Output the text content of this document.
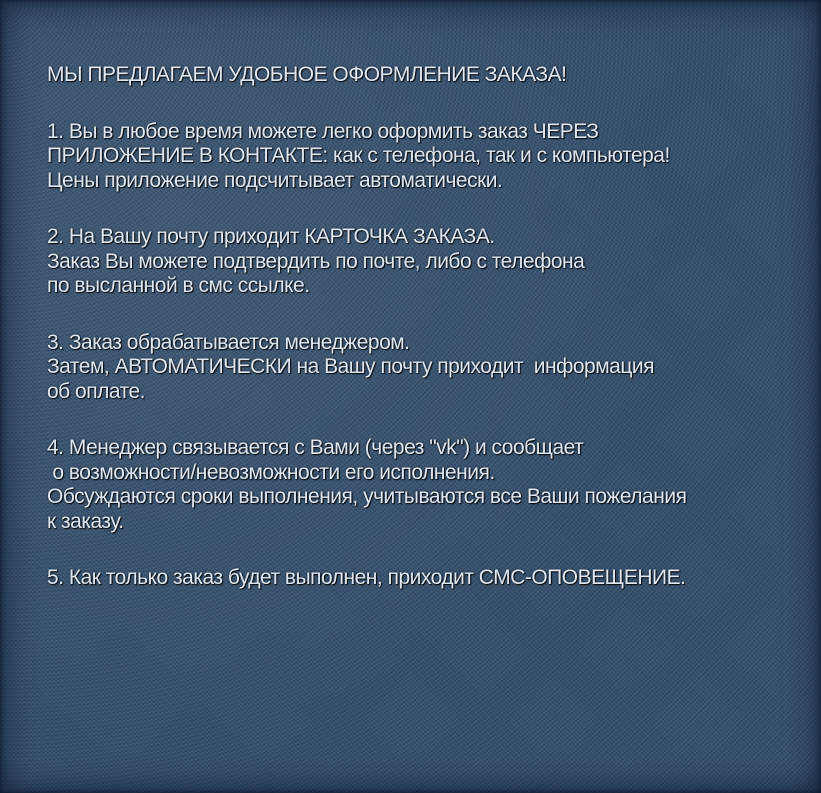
МЫ ПРЕДЛАГАЕМ УДОБНОЕ ОФОРМЛЕНИЕ ЗАКАЗА!
1. Вы в любое время можете легко оформить заказ ЧЕРЕЗ
ПРИЛОЖЕНИЕ В КОНТАКТЕ: как с телефона, так и с компьютера!
Цены приложение подсчитывает автоматически.
2. На Вашу почту приходит КАРТОЧКА ЗАКАЗА.
Заказ Вы можете подтвердить по почте, либо с телефона
по высланной в смс ссылке.
3. Заказ обрабатывается менеджером.
Затем, АВТОМАТИЧЕСКИ на Вашу почту приходит  информация
об оплате.
4. Менеджер связывается с Вами (через "vk") и сообщает
о возможности/невозможности его исполнения.
Обсуждаются сроки выполнения, учитываются все Ваши пожелания
к заказу.
5. Как только заказ будет выполнен, приходит СМС-ОПОВЕЩЕНИЕ.
